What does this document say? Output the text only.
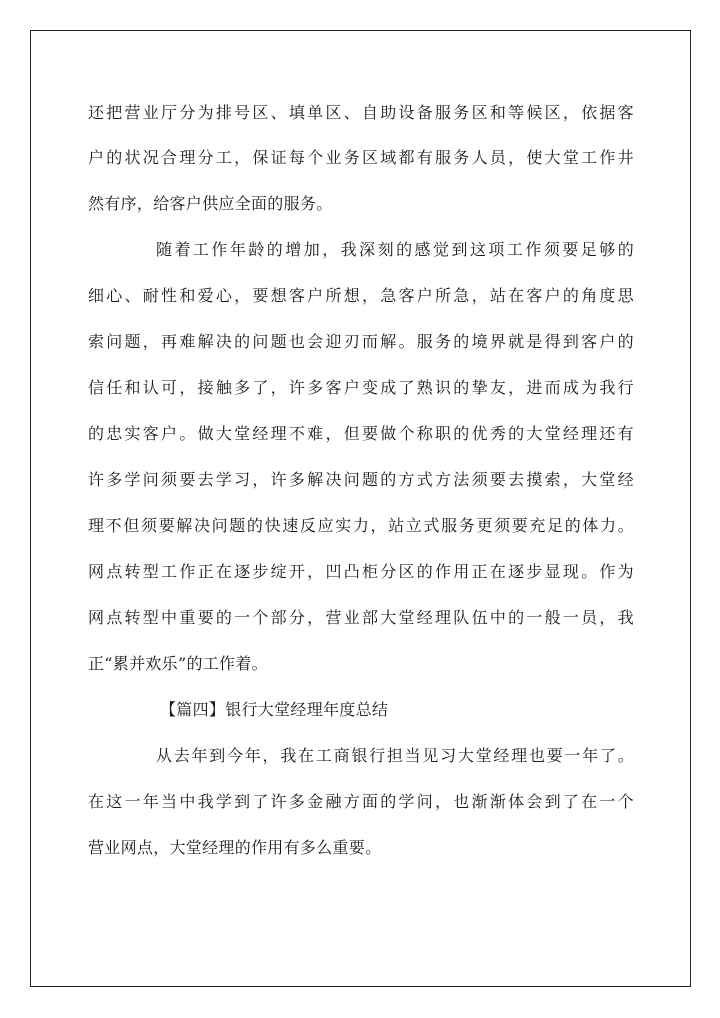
还把营业厅分为排号区、填单区、自助设备服务区和等候区，依据客
户的状况合理分工，保证每个业务区域都有服务人员，使大堂工作井
然有序，给客户供应全面的服务。
随着工作年龄的增加，我深刻的感觉到这项工作须要足够的
细心、耐性和爱心，要想客户所想，急客户所急，站在客户的角度思
索问题，再难解决的问题也会迎刃而解。服务的境界就是得到客户的
信任和认可，接触多了，许多客户变成了熟识的挚友，进而成为我行
的忠实客户。做大堂经理不难，但要做个称职的优秀的大堂经理还有
许多学问须要去学习，许多解决问题的方式方法须要去摸索，大堂经
理不但须要解决问题的快速反应实力，站立式服务更须要充足的体力。
网点转型工作正在逐步绽开，凹凸柜分区的作用正在逐步显现。作为
网点转型中重要的一个部分，营业部大堂经理队伍中的一般一员，我
正“累并欢乐”的工作着。
【篇四】银行大堂经理年度总结
从去年到今年，我在工商银行担当见习大堂经理也要一年了。
在这一年当中我学到了许多金融方面的学问，也渐渐体会到了在一个
营业网点，大堂经理的作用有多么重要。
